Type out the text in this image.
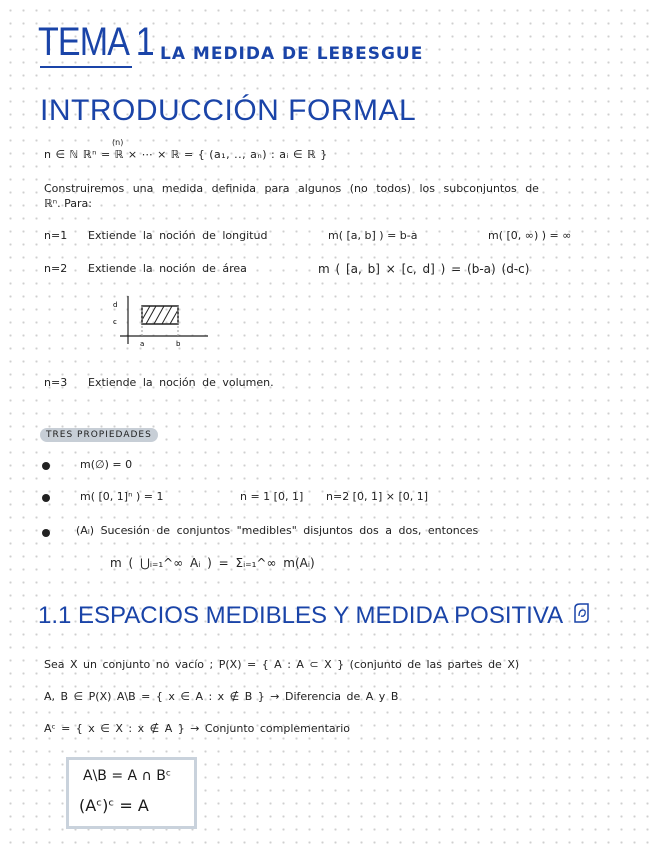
TEMA 1 LA MEDIDA DE LEBESGUE
INTRODUCCIÓN FORMAL
(n)
n ∈ ℕ ℝⁿ = ℝ × ⋯ × ℝ = { (a₁, .., aₙ) : aᵢ ∈ ℝ }
Construiremos una medida definida para algunos (no todos) los subconjuntos de
ℝⁿ. Para:
n=1 Extiende la noción de longitud	m( [a, b] ) = b-a	m( [0, ∞) ) = ∞
n=2 Extiende la noción de área	m ( [a, b] × [c, d] ) = (b-a) (d-c)
d
c
a	b
n=3 Extiende la noción de volumen.
TRES PROPIEDADES
m(∅) = 0
m( [0, 1]ⁿ ) = 1	n = 1 [0, 1] n=2 [0, 1] × [0, 1]
(Aᵢ) Sucesión de conjuntos "medibles" disjuntos dos a dos, entonces
m ( ⋃ᵢ₌₁^∞ Aᵢ ) = Σᵢ₌₁^∞ m(Aᵢ)
1.1 ESPACIOS MEDIBLES Y MEDIDA POSITIVA
Sea X un conjunto no vacío ; P(X) = { A : A ⊂ X } (conjunto de las partes de X)
A, B ∈ P(X) A\B = { x ∈ A : x ∉ B } → Diferencia de A y B
Aᶜ = { x ∈ X : x ∉ A } → Conjunto complementario
A\B = A ∩ Bᶜ
(Aᶜ)ᶜ = A
